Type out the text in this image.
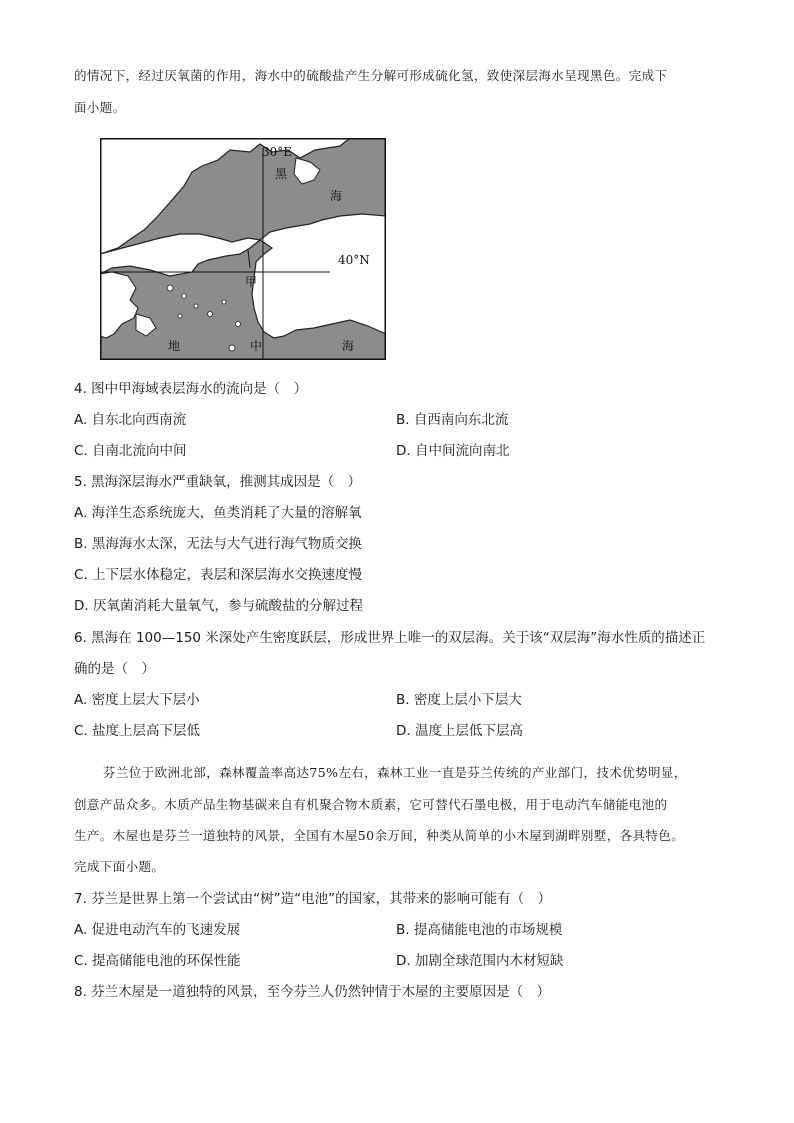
的情况下，经过厌氧菌的作用，海水中的硫酸盐产生分解可形成硫化氢，致使深层海水呈现黑色。完成下
面小题。
30°E
黑
海
40°N
甲
地	中	海
4. 图中甲海域表层海水的流向是（　）
A. 自东北向西南流	B. 自西南向东北流
C. 自南北流向中间	D. 自中间流向南北
5. 黑海深层海水严重缺氧，推测其成因是（　）
A. 海洋生态系统庞大，鱼类消耗了大量的溶解氧
B. 黑海海水太深，无法与大气进行海气物质交换
C. 上下层水体稳定，表层和深层海水交换速度慢
D. 厌氧菌消耗大量氧气，参与硫酸盐的分解过程
6. 黑海在 100—150 米深处产生密度跃层，形成世界上唯一的双层海。关于该“双层海”海水性质的描述正
确的是（　）
A. 密度上层大下层小	B. 密度上层小下层大
C. 盐度上层高下层低	D. 温度上层低下层高
芬兰位于欧洲北部，森林覆盖率高达75%左右，森林工业一直是芬兰传统的产业部门，技术优势明显，
创意产品众多。木质产品生物基碳来自有机聚合物木质素，它可替代石墨电极，用于电动汽车储能电池的
生产。木屋也是芬兰一道独特的风景，全国有木屋50余万间，种类从简单的小木屋到湖畔别墅，各具特色。
完成下面小题。
7. 芬兰是世界上第一个尝试由“树”造“电池”的国家，其带来的影响可能有（　）
A. 促进电动汽车的飞速发展	B. 提高储能电池的市场规模
C. 提高储能电池的环保性能	D. 加剧全球范围内木材短缺
8. 芬兰木屋是一道独特的风景，至今芬兰人仍然钟情于木屋的主要原因是（　）
